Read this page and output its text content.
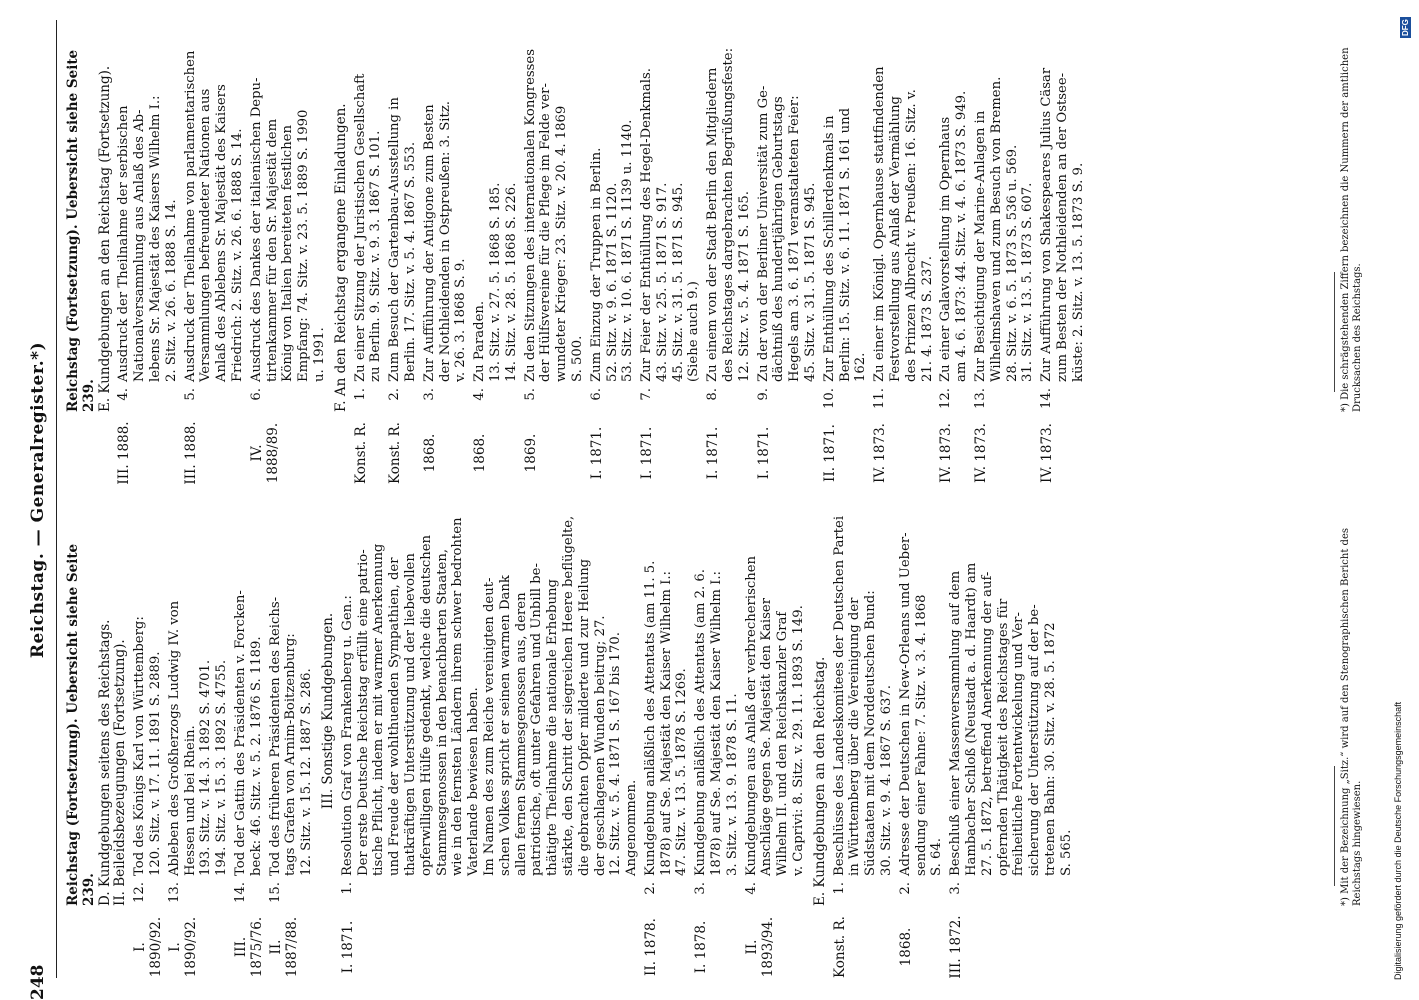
248
Reichstag. — Generalregister.*)
Reichstag (Fortsetzung). Uebersicht siehe Seite 239. D. Kundgebungen seitens des Reichstags. II. Beileidsbezeugungen (Fortsetzung). 12.
I. 1890/92.
Tod des Königs Karl von Württemberg: 120. Sitz. v. 17. 11. 1891 S. 2889.
13.
I. 1890/92.
Ableben des Großherzogs Ludwig IV. von Hessen und bei Rhein. 193. Sitz. v. 14. 3. 1892 S. 4701. 194. Sitz. v. 15. 3. 1892 S. 4755.
14.
III. 1875/76.
Tod der Gattin des Präsidenten v. Forcken- beck: 46. Sitz. v. 5. 2. 1876 S. 1189.
15.
II. 1887/88.
Tod des früheren Präsidenten des Reichs- tags Grafen von Arnim-Boitzenburg: 12. Sitz. v. 15. 12. 1887 S. 286. III. Sonstige Kundgebungen.
1.
I. 1871.
Resolution Graf von Frankenberg u. Gen.: Der erste Deutsche Reichstag erfüllt eine patrio- tische Pflicht, indem er mit warmer Anerkennung und Freude der wohlthuenden Sympathien, der thatkräftigen Unterstützung und der liebevollen opferwilligen Hülfe gedenkt, welche die deutschen Stammesgenossen in den benachbarten Staaten, wie in den fernsten Ländern ihrem schwer bedrohten Vaterlande bewiesen haben. Im Namen des zum Reiche vereinigten deut- schen Volkes spricht er seinen warmen Dank allen fernen Stammesgenossen aus, deren patriotische, oft unter Gefahren und Unbill be- thätigte Theilnahme die nationale Erhebung stärkte, den Schritt der siegreichen Heere beflügelte, die gebrachten Opfer milderte und zur Heilung der geschlagenen Wunden beitrug; 27. 12. Sitz. v. 5. 4. 1871 S. 167 bis 170. Angenommen.
2.
II. 1878.
Kundgebung anläßlich des Attentats (am 11. 5. 1878) auf Se. Majestät den Kaiser Wilhelm I.: 47. Sitz. v. 13. 5. 1878 S. 1269.
3.
I. 1878.
Kundgebung anläßlich des Attentats (am 2. 6. 1878) auf Se. Majestät den Kaiser Wilhelm I.: 3. Sitz. v. 13. 9. 1878 S. 11.
4.
II. 1893/94.
Kundgebungen aus Anlaß der verbrecherischen Anschläge gegen Se. Majestät den Kaiser Wilhelm II. und den Reichskanzler Graf v. Caprivi: 8. Sitz. v. 29. 11. 1893 S. 149. E. Kundgebungen an den Reichstag. 1.
Konst. R.
Beschlüsse des Landeskomitees der Deutschen Partei in Württemberg über die Vereinigung der Südstaaten mit dem Norddeutschen Bund: 30. Sitz. v. 9. 4. 1867 S. 637.
2.
1868.
Adresse der Deutschen in New-Orleans und Ueber- sendung einer Fahne: 7. Sitz. v. 3. 4. 1868 S. 64.
3.
III. 1872.
Beschluß einer Massenversammlung auf dem Hambacher Schloß (Neustadt a. d. Haardt) am 27. 5. 1872, betreffend Anerkennung der auf- opfernden Thätigkeit des Reichstages für freiheitliche Fortentwickelung und Ver- sicherung der Unterstützung auf der be- tretenen Bahn: 30. Sitz. v. 28. 5. 1872 S. 565.	*) Mit der Bezeichnung „Sitz.“ wird auf den Stenographischen Bericht des Reichstags hingewiesen.
Reichstag (Fortsetzung). Uebersicht siehe Seite 239. E. Kundgebungen an den Reichstag (Fortsetzung). 4.
III. 1888.
Ausdruck der Theilnahme der serbischen Nationalversammlung aus Anlaß des Ab- lebens Sr. Majestät des Kaisers Wilhelm I.: 2. Sitz. v. 26. 6. 1888 S. 14.
5.
III. 1888.
Ausdruck der Theilnahme von parlamentarischen Versammlungen befreundeter Nationen aus Anlaß des Ablebens Sr. Majestät des Kaisers Friedrich: 2. Sitz. v. 26. 6. 1888 S. 14.
6.
IV. 1888/89.
Ausdruck des Dankes der italienischen Depu- tirtenkammer für den Sr. Majestät dem König von Italien bereiteten festlichen Empfang: 74. Sitz. v. 23. 5. 1889 S. 1990 u. 1991. F. An den Reichstag ergangene Einladungen. 1.
Konst. R.
Zu einer Sitzung der Juristischen Gesellschaft zu Berlin. 9. Sitz. v. 9. 3. 1867 S. 101.
2.
Konst. R.
Zum Besuch der Gartenbau-Ausstellung in Berlin. 17. Sitz. v. 5. 4. 1867 S. 553.
3.
1868.
Zur Aufführung der Antigone zum Besten der Nothleidenden in Ostpreußen: 3. Sitz. v. 26. 3. 1868 S. 9.
4.
1868.
Zu Paraden. 13. Sitz. v. 27. 5. 1868 S. 185. 14. Sitz. v. 28. 5. 1868 S. 226.
5.
1869.
Zu den Sitzungen des internationalen Kongresses der Hülfsvereine für die Pflege im Felde ver- wundeter Krieger: 23. Sitz. v. 20. 4. 1869 S. 500.
6.
I. 1871.
Zum Einzug der Truppen in Berlin. 52. Sitz. v. 9. 6. 1871 S. 1120. 53. Sitz. v. 10. 6. 1871 S. 1139 u. 1140.
7.
I. 1871.
Zur Feier der Enthüllung des Hegel-Denkmals. 43. Sitz. v. 25. 5. 1871 S. 917. 45. Sitz. v. 31. 5. 1871 S. 945. (Siehe auch 9.)
8.
I. 1871.
Zu einem von der Stadt Berlin den Mitgliedern des Reichstages dargebrachten Begrüßungsfeste: 12. Sitz. v. 5. 4. 1871 S. 165.
9.
I. 1871.
Zu der von der Berliner Universität zum Ge- dächtniß des hundertjährigen Geburtstags Hegels am 3. 6. 1871 veranstalteten Feier: 45. Sitz. v. 31. 5. 1871 S. 945.
10.
II. 1871.
Zur Enthüllung des Schillerdenkmals in Berlin: 15. Sitz. v. 6. 11. 1871 S. 161 und 162.
11.
IV. 1873.
Zu einer im Königl. Opernhause stattfindenden Festvorstellung aus Anlaß der Vermählung des Prinzen Albrecht v. Preußen: 16. Sitz. v. 21. 4. 1873 S. 237.
12.
IV. 1873.
Zu einer Galavorstellung im Opernhaus am 4. 6. 1873: 44. Sitz. v. 4. 6. 1873 S. 949.
13.
IV. 1873.
Zur Besichtigung der Marine-Anlagen in Wilhelmshaven und zum Besuch von Bremen. 28. Sitz. v. 6. 5. 1873 S. 536 u. 569. 31. Sitz. v. 13. 5. 1873 S. 607.
14.
IV. 1873.
Zur Aufführung von Shakespeares Julius Cäsar zum Besten der Nothleidenden an der Ostsee- küste: 2. Sitz. v. 13. 5. 1873 S. 9.	*) Die schrägstehenden Ziffern bezeichnen die Nummern der amtlichen Drucksachen des Reichstags.
Digitalisierung gefördert durch die Deutsche Forschungsgemeinschaft
DFG
